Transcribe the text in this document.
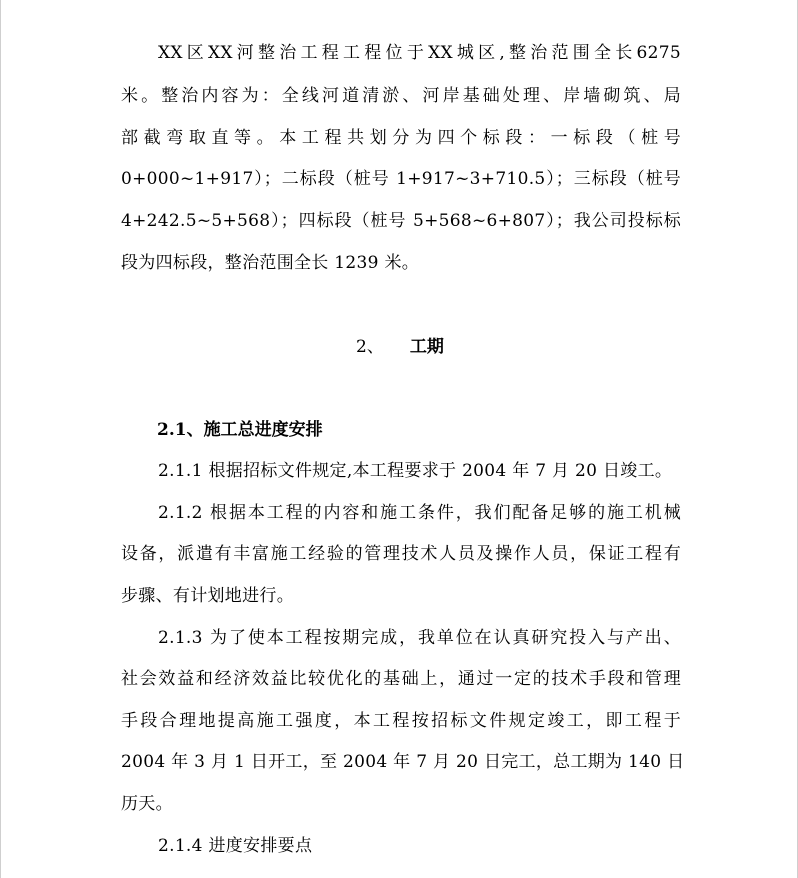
XX区XX河整治工程工程位于XX城区,整治范围全长6275
米。整治内容为：全线河道清淤、河岸基础处理、岸墙砌筑、局
部截弯取直等。本工程共划分为四个标段：一标段（桩号
0+000~1+917）；二标段（桩号 1+917~3+710.5）；三标段（桩号
4+242.5~5+568）；四标段（桩号 5+568~6+807）；我公司投标标
段为四标段，整治范围全长 1239 米。
2、 工期
2.1、施工总进度安排
2.1.1 根据招标文件规定,本工程要求于 2004 年 7 月 20 日竣工。
2.1.2 根据本工程的内容和施工条件，我们配备足够的施工机械
设备，派遣有丰富施工经验的管理技术人员及操作人员，保证工程有
步骤、有计划地进行。
2.1.3 为了使本工程按期完成，我单位在认真研究投入与产出、
社会效益和经济效益比较优化的基础上，通过一定的技术手段和管理
手段合理地提高施工强度，本工程按招标文件规定竣工，即工程于
2004 年 3 月 1 日开工，至 2004 年 7 月 20 日完工，总工期为 140 日
历天。
2.1.4 进度安排要点
